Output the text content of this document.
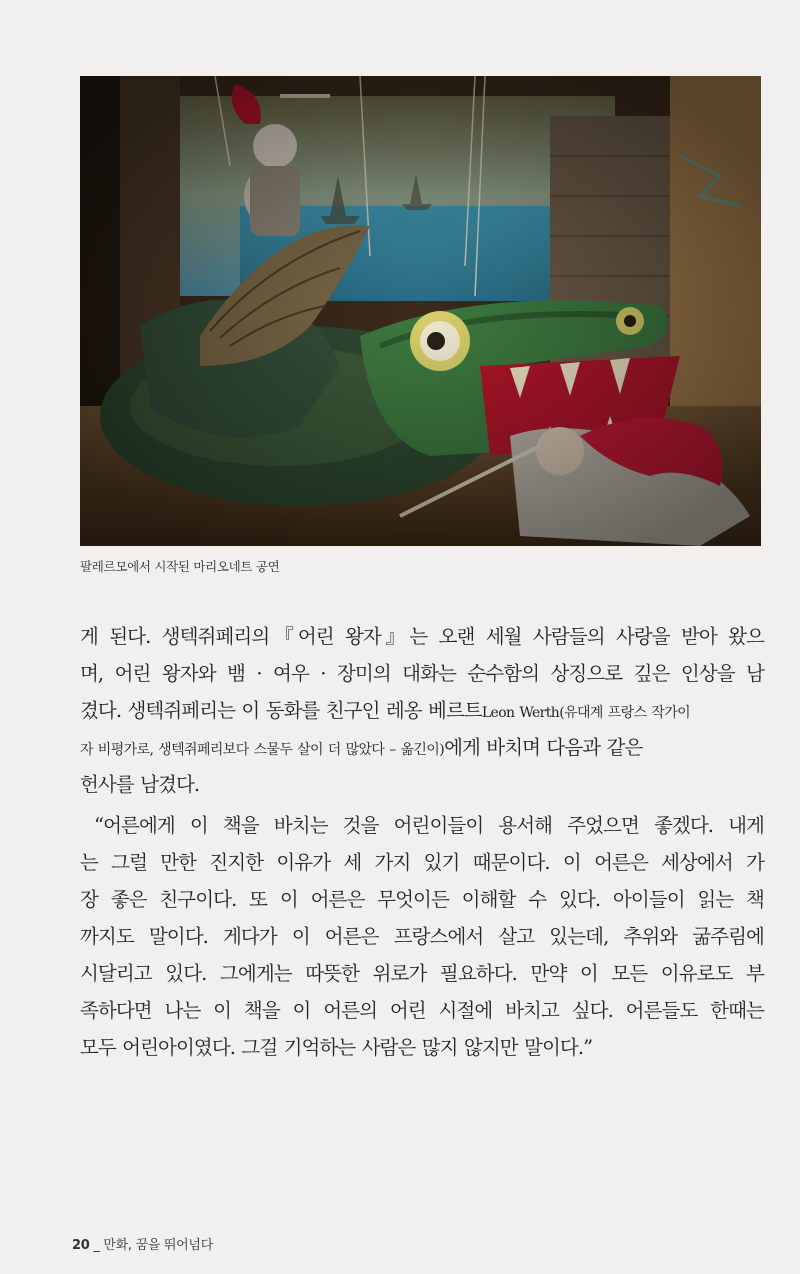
팔레르모에서 시작된 마리오네트 공연
게 된다. 생텍쥐페리의『어린 왕자』는 오랜 세월 사람들의 사랑을 받아 왔으
며, 어린 왕자와 뱀 · 여우 · 장미의 대화는 순수함의 상징으로 깊은 인상을 남
겼다. 생텍쥐페리는 이 동화를 친구인 레옹 베르트Leon Werth(유대계 프랑스 작가이
자 비평가로, 생텍쥐페리보다 스물두 살이 더 많았다 – 옮긴이)에게 바치며 다음과 같은
헌사를 남겼다.
“어른에게 이 책을 바치는 것을 어린이들이 용서해 주었으면 좋겠다. 내게
는 그럴 만한 진지한 이유가 세 가지 있기 때문이다. 이 어른은 세상에서 가
장 좋은 친구이다. 또 이 어른은 무엇이든 이해할 수 있다. 아이들이 읽는 책
까지도 말이다. 게다가 이 어른은 프랑스에서 살고 있는데, 추위와 굶주림에
시달리고 있다. 그에게는 따뜻한 위로가 필요하다. 만약 이 모든 이유로도 부
족하다면 나는 이 책을 이 어른의 어린 시절에 바치고 싶다. 어른들도 한때는
모두 어린아이였다. 그걸 기억하는 사람은 많지 않지만 말이다.”
20 _ 만화, 꿈을 뛰어넘다
